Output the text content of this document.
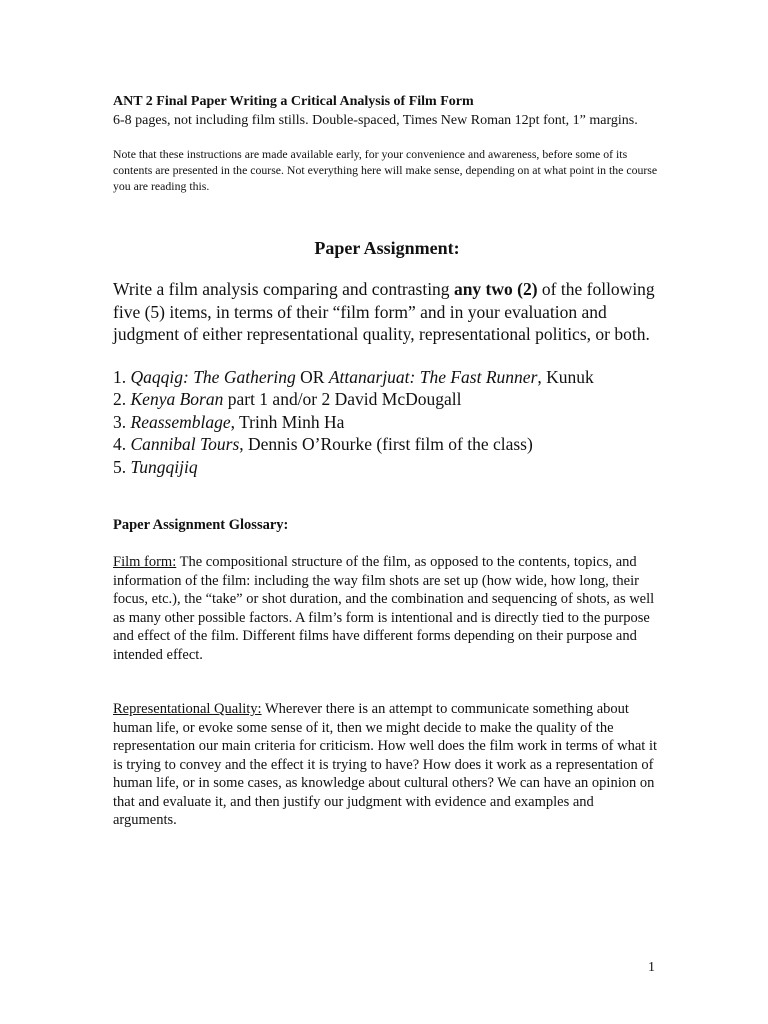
ANT 2 Final Paper Writing a Critical Analysis of Film Form
6-8 pages, not including film stills. Double-spaced, Times New Roman 12pt font, 1” margins.
Note that these instructions are made available early, for your convenience and awareness, before some of its contents are presented in the course. Not everything here will make sense, depending on at what point in the course you are reading this.
Paper Assignment:
Write a film analysis comparing and contrasting any two (2) of the following five (5) items, in terms of their “film form” and in your evaluation and judgment of either representational quality, representational politics, or both.
1. Qaqqig: The Gathering OR Attanarjuat: The Fast Runner, Kunuk
2. Kenya Boran part 1 and/or 2 David McDougall
3. Reassemblage, Trinh Minh Ha
4. Cannibal Tours, Dennis O’Rourke (first film of the class)
5. Tungqijiq
Paper Assignment Glossary:
Film form: The compositional structure of the film, as opposed to the contents, topics, and information of the film: including the way film shots are set up (how wide, how long, their focus, etc.), the “take” or shot duration, and the combination and sequencing of shots, as well as many other possible factors. A film’s form is intentional and is directly tied to the purpose and effect of the film. Different films have different forms depending on their purpose and intended effect.
Representational Quality: Wherever there is an attempt to communicate something about human life, or evoke some sense of it, then we might decide to make the quality of the representation our main criteria for criticism. How well does the film work in terms of what it is trying to convey and the effect it is trying to have? How does it work as a representation of human life, or in some cases, as knowledge about cultural others? We can have an opinion on that and evaluate it, and then justify our judgment with evidence and examples and arguments.
1
